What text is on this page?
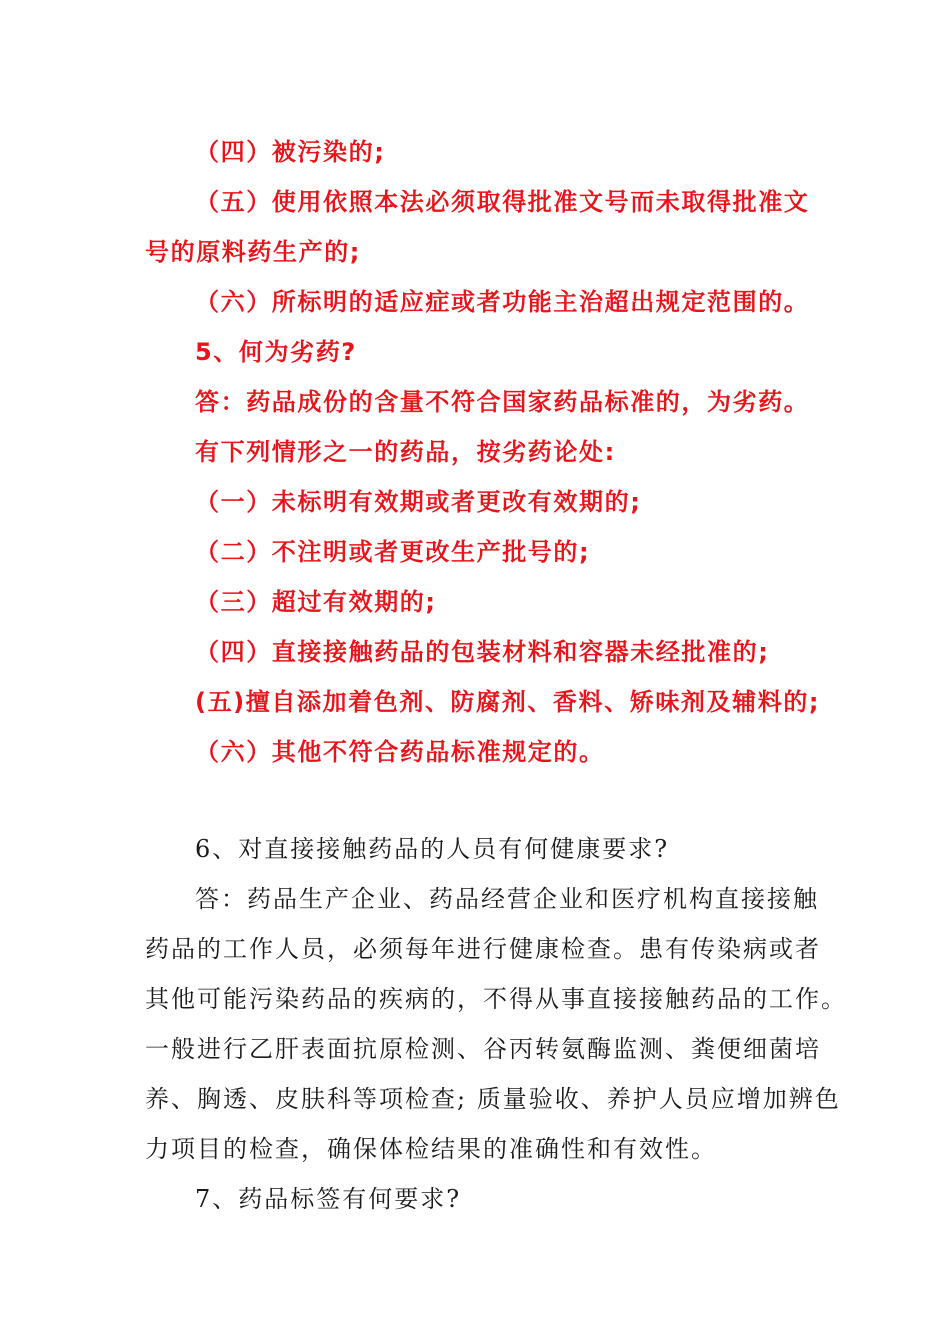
（四）被污染的;
（五）使用依照本法必须取得批准文号而未取得批准文
号的原料药生产的;
（六）所标明的适应症或者功能主治超出规定范围的。
5、何为劣药?
答：药品成份的含量不符合国家药品标准的，为劣药。
有下列情形之一的药品，按劣药论处:
（一）未标明有效期或者更改有效期的;
（二）不注明或者更改生产批号的;
（三）超过有效期的;
（四）直接接触药品的包装材料和容器未经批准的;
(五)擅自添加着色剂、防腐剂、香料、矫味剂及辅料的;
（六）其他不符合药品标准规定的。
6、对直接接触药品的人员有何健康要求?
答：药品生产企业、药品经营企业和医疗机构直接接触
药品的工作人员，必须每年进行健康检查。患有传染病或者
其他可能污染药品的疾病的，不得从事直接接触药品的工作。
一般进行乙肝表面抗原检测、谷丙转氨酶监测、粪便细菌培
养、胸透、皮肤科等项检查; 质量验收、养护人员应增加辨色
力项目的检查，确保体检结果的准确性和有效性。
7、药品标签有何要求?
